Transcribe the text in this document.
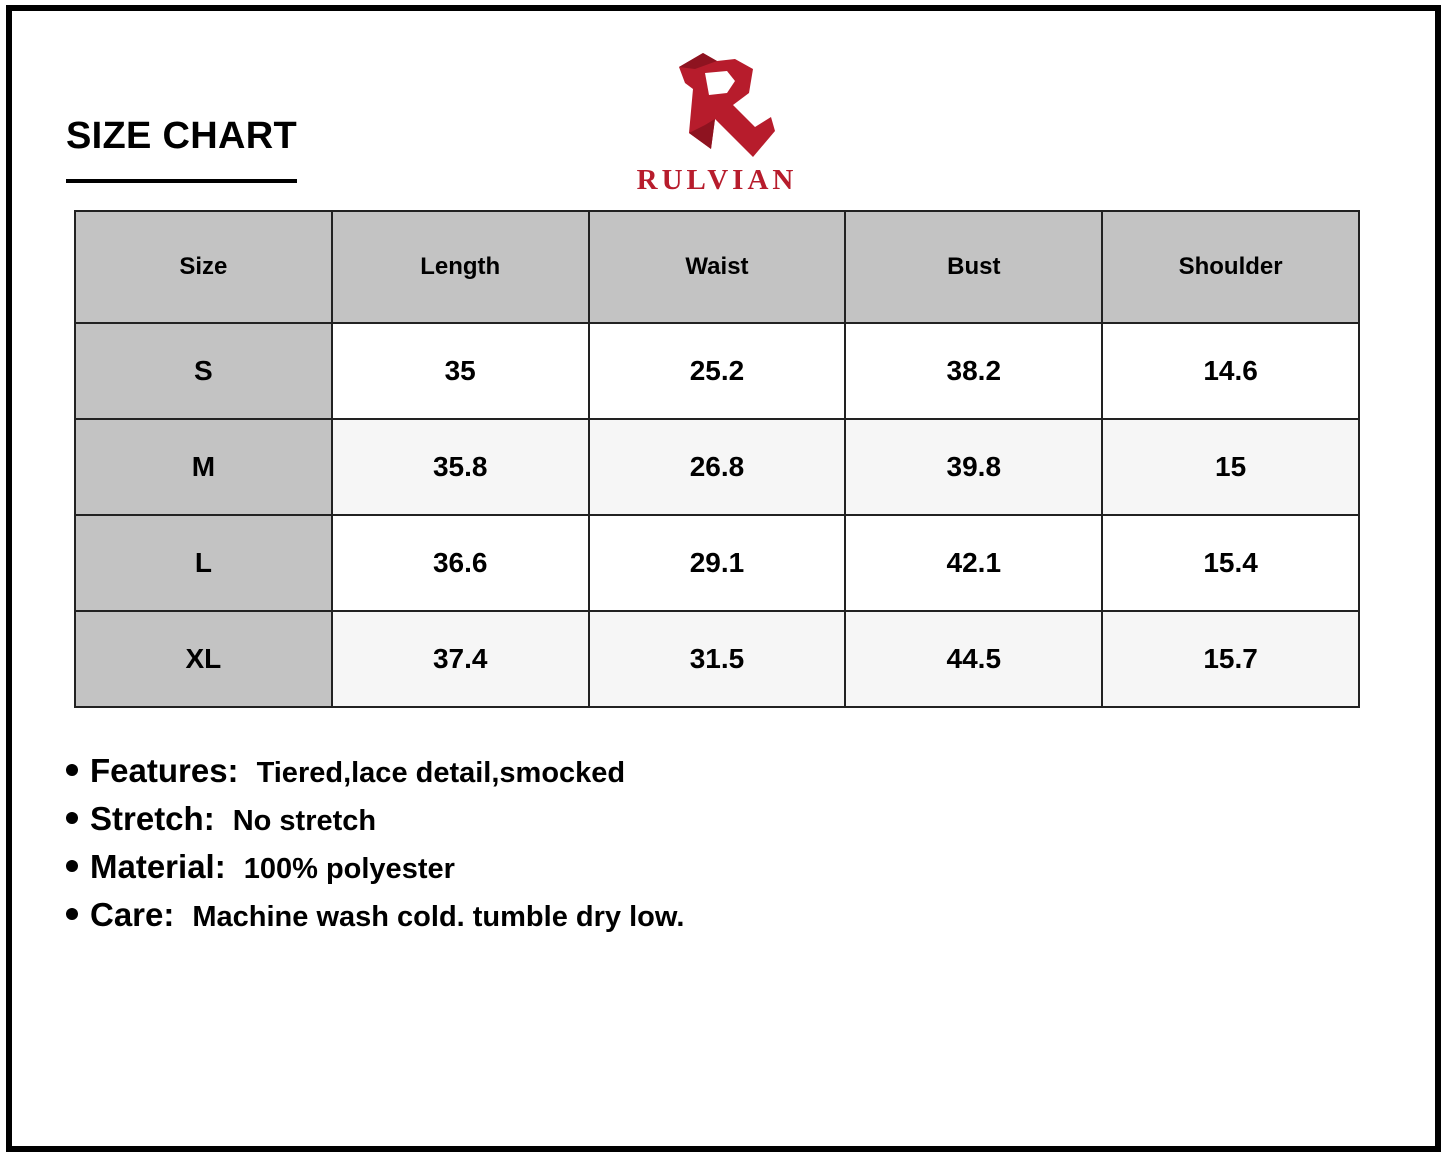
SIZE CHART
RULVIAN
Size	Length	Waist	Bust	Shoulder
S	35	25.2	38.2	14.6
M	35.8	26.8	39.8	15
L	36.6	29.1	42.1	15.4
XL	37.4	31.5	44.5	15.7
Features: Tiered,lace detail,smocked
Stretch: No stretch
Material: 100% polyester
Care: Machine wash cold. tumble dry low.
